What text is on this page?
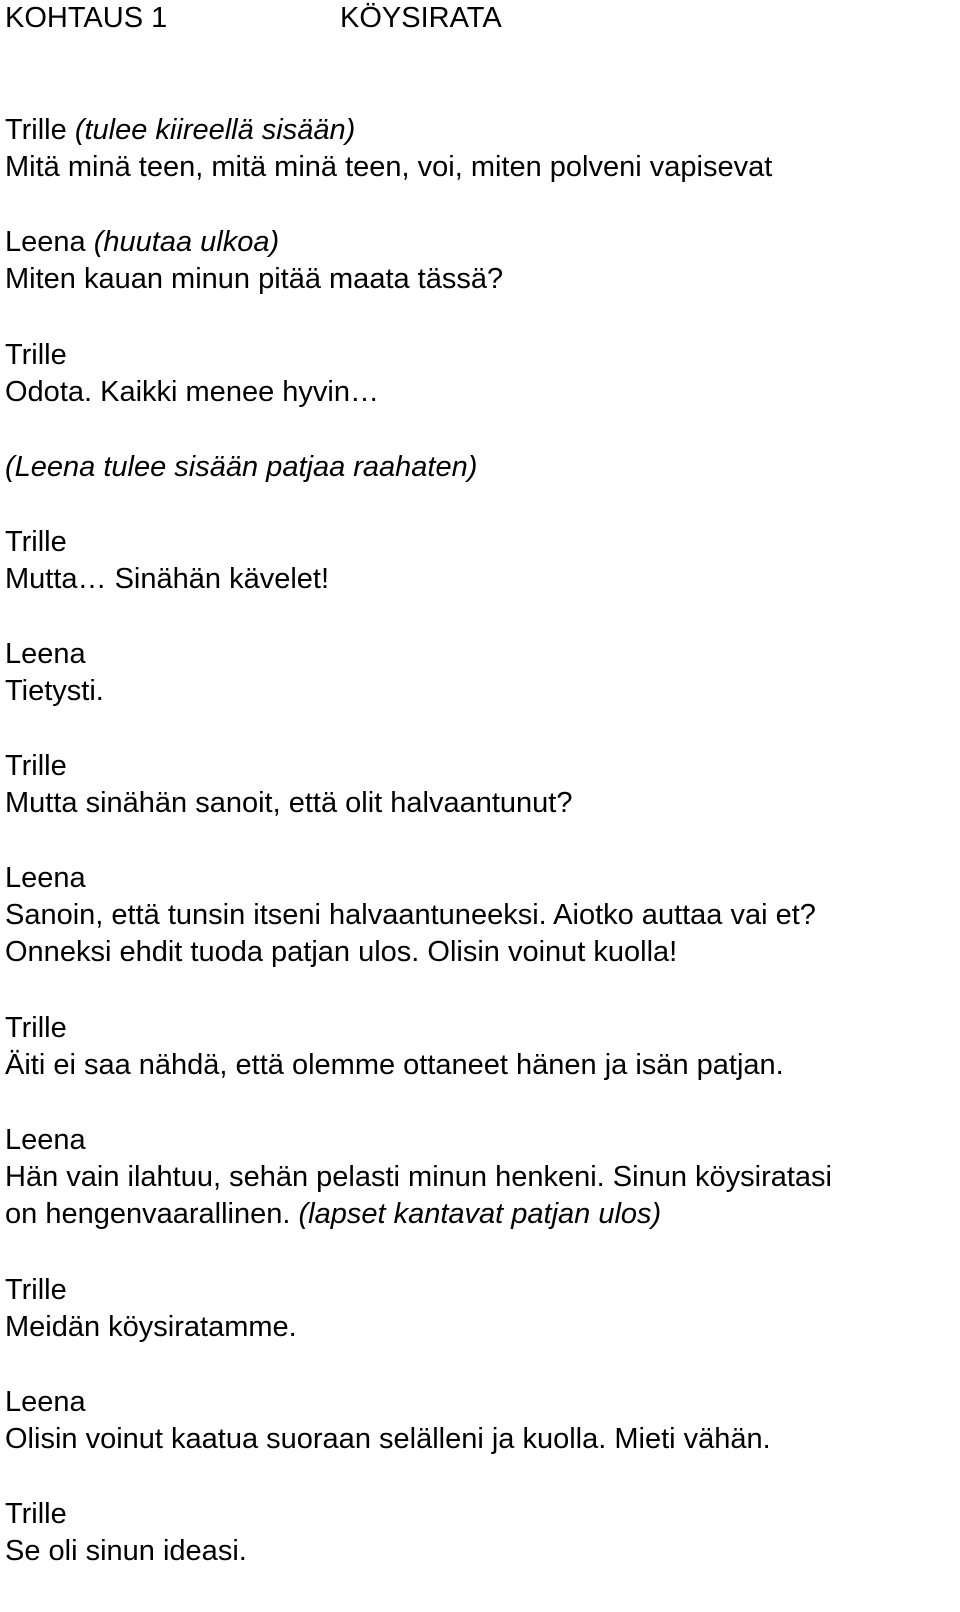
KOHTAUS 1	KÖYSIRATA
Trille (tulee kiireellä sisään)
Mitä minä teen, mitä minä teen, voi, miten polveni vapisevat
Leena (huutaa ulkoa)
Miten kauan minun pitää maata tässä?
Trille
Odota. Kaikki menee hyvin…
(Leena tulee sisään patjaa raahaten)
Trille
Mutta… Sinähän kävelet!
Leena
Tietysti.
Trille
Mutta sinähän sanoit, että olit halvaantunut?
Leena
Sanoin, että tunsin itseni halvaantuneeksi. Aiotko auttaa vai et?
Onneksi ehdit tuoda patjan ulos. Olisin voinut kuolla!
Trille
Äiti ei saa nähdä, että olemme ottaneet hänen ja isän patjan.
Leena
Hän vain ilahtuu, sehän pelasti minun henkeni. Sinun köysiratasi
on hengenvaarallinen. (lapset kantavat patjan ulos)
Trille
Meidän köysiratamme.
Leena
Olisin voinut kaatua suoraan selälleni ja kuolla. Mieti vähän.
Trille
Se oli sinun ideasi.
